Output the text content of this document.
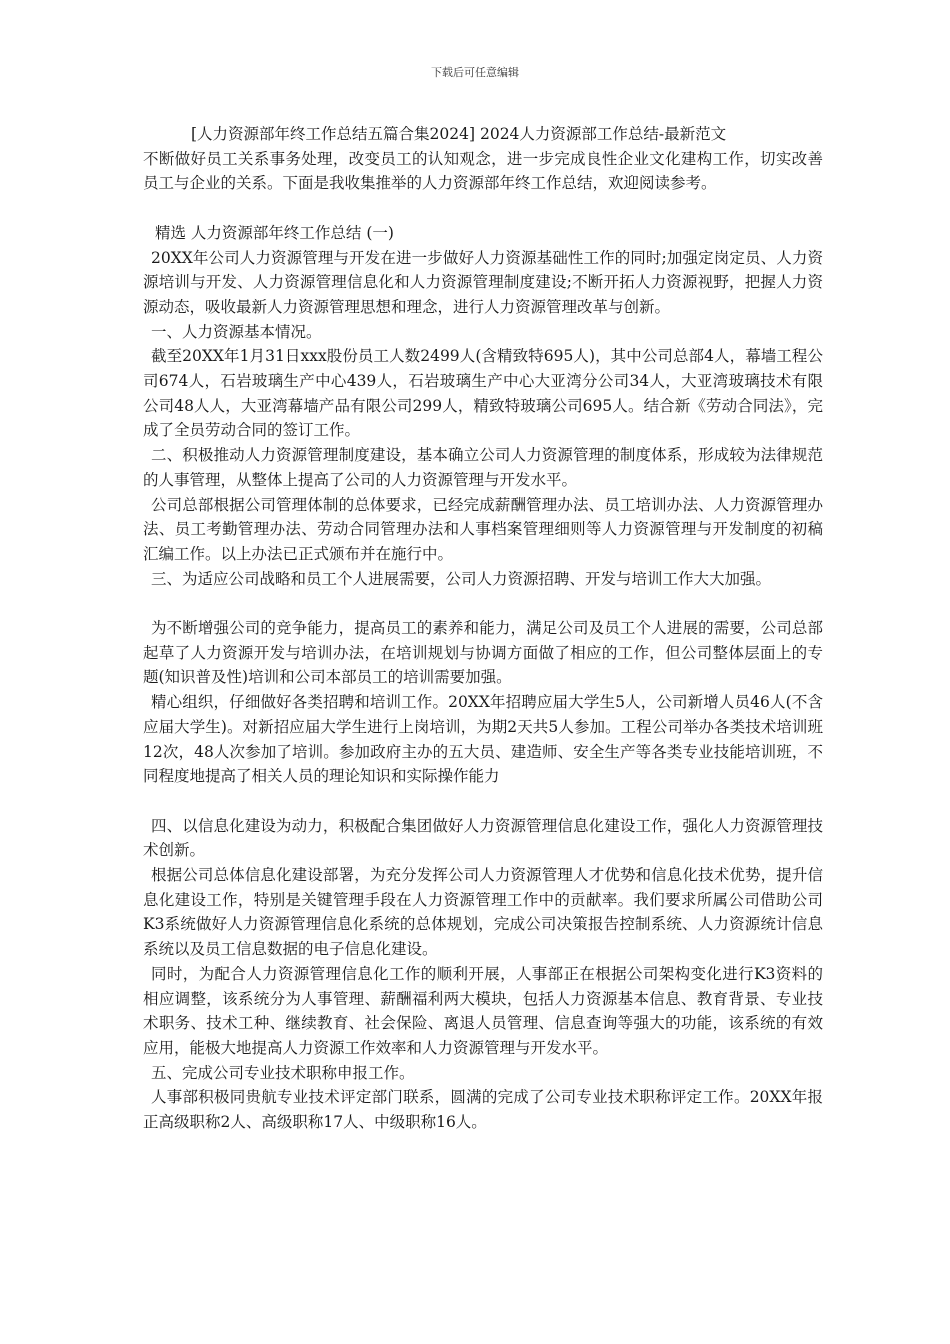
下载后可任意编辑

[人力资源部年终工作总结五篇合集2024] 2024人力资源部工作总结-最新范文

不断做好员工关系事务处理，改变员工的认知观念，进一步完成良性企业文化建构工作，切实改善员工与企业的关系。下面是我收集推举的人力资源部年终工作总结，欢迎阅读参考。

精选 人力资源部年终工作总结 (一)

20XX年公司人力资源管理与开发在进一步做好人力资源基础性工作的同时;加强定岗定员、人力资源培训与开发、人力资源管理信息化和人力资源管理制度建设;不断开拓人力资源视野，把握人力资源动态，吸收最新人力资源管理思想和理念，进行人力资源管理改革与创新。

一、人力资源基本情况。

截至20XX年1月31日xxx股份员工人数2499人(含精致特695人)，其中公司总部4人，幕墙工程公司674人，石岩玻璃生产中心439人，石岩玻璃生产中心大亚湾分公司34人，大亚湾玻璃技术有限公司48人人，大亚湾幕墙产品有限公司299人，精致特玻璃公司695人。结合新《劳动合同法》，完成了全员劳动合同的签订工作。

二、积极推动人力资源管理制度建设，基本确立公司人力资源管理的制度体系，形成较为法律规范的人事管理，从整体上提高了公司的人力资源管理与开发水平。

公司总部根据公司管理体制的总体要求，已经完成薪酬管理办法、员工培训办法、人力资源管理办法、员工考勤管理办法、劳动合同管理办法和人事档案管理细则等人力资源管理与开发制度的初稿汇编工作。以上办法已正式颁布并在施行中。

三、为适应公司战略和员工个人进展需要，公司人力资源招聘、开发与培训工作大大加强。

为不断增强公司的竞争能力，提高员工的素养和能力，满足公司及员工个人进展的需要，公司总部起草了人力资源开发与培训办法，在培训规划与协调方面做了相应的工作，但公司整体层面上的专题(知识普及性)培训和公司本部员工的培训需要加强。

精心组织，仔细做好各类招聘和培训工作。20XX年招聘应届大学生5人，公司新增人员46人(不含应届大学生)。对新招应届大学生进行上岗培训，为期2天共5人参加。工程公司举办各类技术培训班12次，48人次参加了培训。参加政府主办的五大员、建造师、安全生产等各类专业技能培训班，不同程度地提高了相关人员的理论知识和实际操作能力

四、以信息化建设为动力，积极配合集团做好人力资源管理信息化建设工作，强化人力资源管理技术创新。

根据公司总体信息化建设部署，为充分发挥公司人力资源管理人才优势和信息化技术优势，提升信息化建设工作，特别是关键管理手段在人力资源管理工作中的贡献率。我们要求所属公司借助公司K3系统做好人力资源管理信息化系统的总体规划，完成公司决策报告控制系统、人力资源统计信息系统以及员工信息数据的电子信息化建设。

同时，为配合人力资源管理信息化工作的顺利开展，人事部正在根据公司架构变化进行K3资料的相应调整，该系统分为人事管理、薪酬福利两大模块，包括人力资源基本信息、教育背景、专业技术职务、技术工种、继续教育、社会保险、离退人员管理、信息查询等强大的功能，该系统的有效应用，能极大地提高人力资源工作效率和人力资源管理与开发水平。

五、完成公司专业技术职称申报工作。

人事部积极同贵航专业技术评定部门联系，圆满的完成了公司专业技术职称评定工作。20XX年报正高级职称2人、高级职称17人、中级职称16人。
